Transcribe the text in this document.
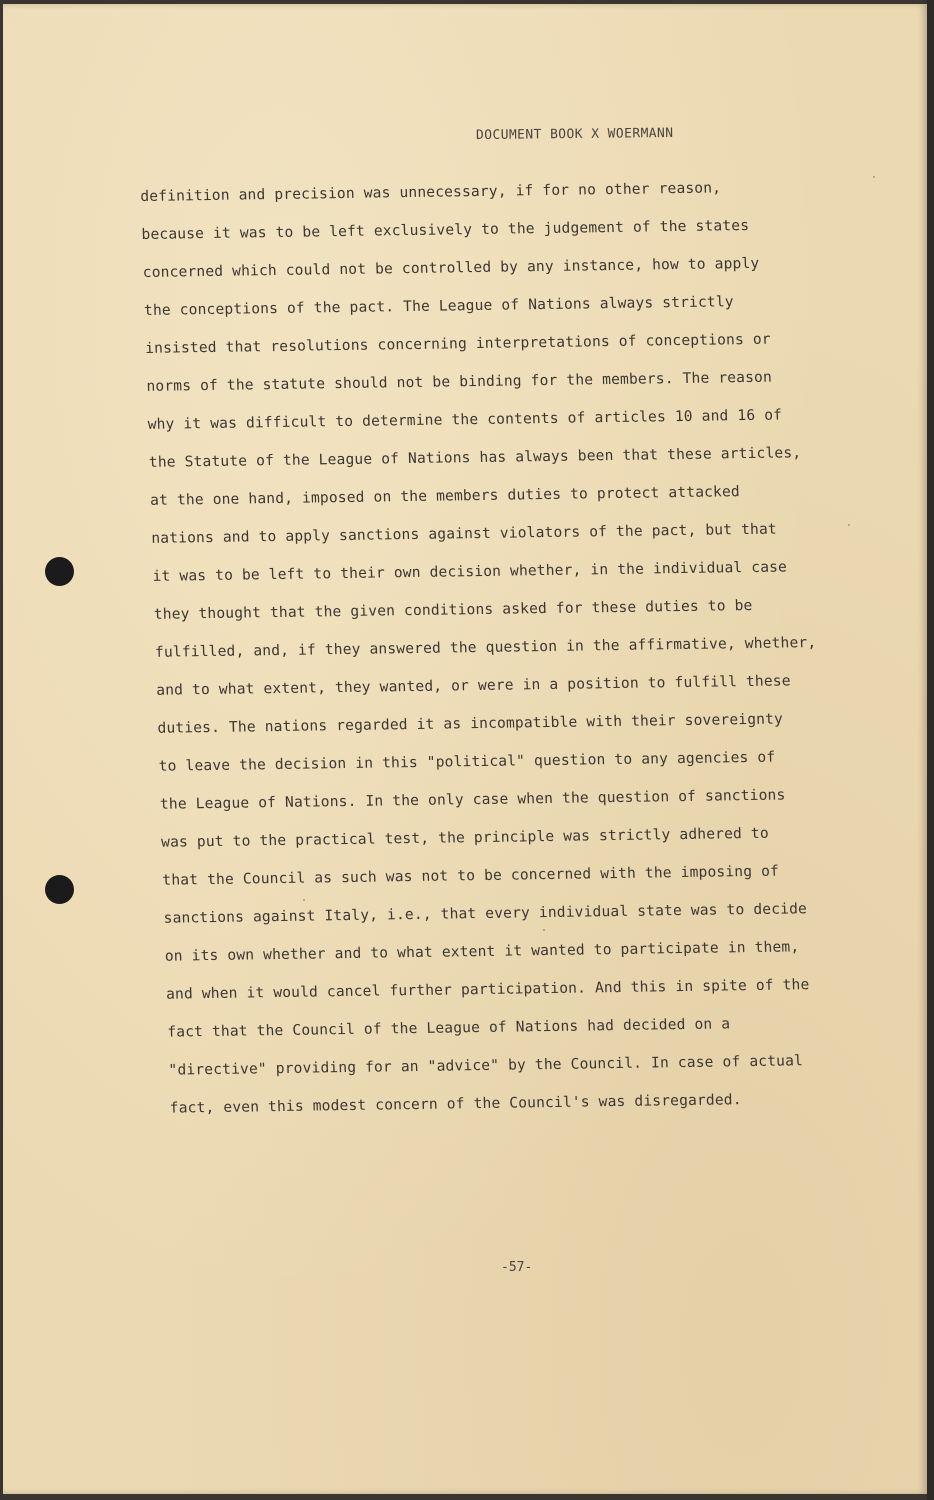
DOCUMENT BOOK X WOERMANN
definition and precision was unnecessary, if for no other reason,
because it was to be left exclusively to the judgement of the states
concerned which could not be controlled by any instance, how to apply
the conceptions of the pact. The League of Nations always strictly
insisted that resolutions concerning interpretations of conceptions or
norms of the statute should not be binding for the members. The reason
why it was difficult to determine the contents of articles 10 and 16 of
the Statute of the League of Nations has always been that these articles,
at the one hand, imposed on the members duties to protect attacked
nations and to apply sanctions against violators of the pact, but that
it was to be left to their own decision whether, in the individual case
they thought that the given conditions asked for these duties to be
fulfilled, and, if they answered the question in the affirmative, whether,
and to what extent, they wanted, or were in a position to fulfill these
duties. The nations regarded it as incompatible with their sovereignty
to leave the decision in this "political" question to any agencies of
the League of Nations. In the only case when the question of sanctions
was put to the practical test, the principle was strictly adhered to
that the Council as such was not to be concerned with the imposing of
sanctions against Italy, i.e., that every individual state was to decide
on its own whether and to what extent it wanted to participate in them,
and when it would cancel further participation. And this in spite of the
fact that the Council of the League of Nations had decided on a
"directive" providing for an "advice" by the Council. In case of actual
fact, even this modest concern of the Council's was disregarded.
-57-
